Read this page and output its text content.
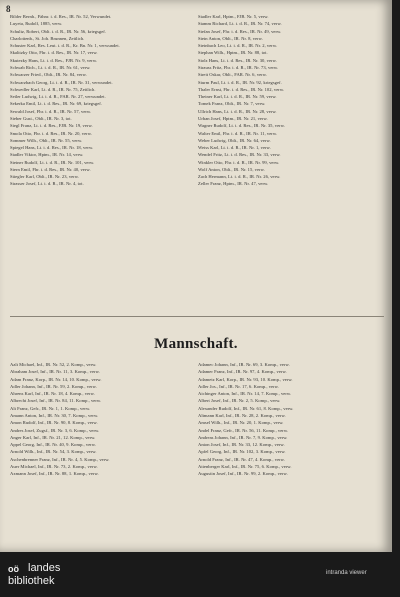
8

Bilder Bernh., Fähnr. i. d. Res., IR. Nr. 52, Verwundet.

Luyeta, Rudolf, 1885, verw.

Schultz, Robert, Oblt. i. d. R., IR. Nr. 56, kriegsgef.

Charlottenb., St. Joh. Brunnen, Zeitlich.

Schuster Karl, Res. Leut. i. d. R., Kr. Bn. Nr. 1, verwundet.

Skalitzky Otto, Fhr. i. d. Res., IR. Nr. 17, verw.

Skutezky Hans, Lt. i. d. Res., FJB. Nr. 9, verw.

Schwab Rich., Lt. i. d. R., IR. Nr. 61, verw.

Schwarzer Fried., Oblt., IR. Nr. 84, verw.

Schwarzbach Georg, Lt. i. d. R., IR. Nr. 31, verwundet.

Schwedler Karl, Lt. d. R., IR. Nr. 75, Zeitlich.

Seiler Ludwig, Lt. i. d. R., FAR. Nr. 27, verwundet.

Sekerka Emil, Lt. i. d. Res., IR. Nr. 69, kriegsgef.

Sewald Josef, Fhr. i. d. R., IR. Nr. 57, verw.

Sieber Gust., Oblt., IR. Nr. 3, tot.

Siegl Franz, Lt. i. d. Res., FJB. Nr. 19, verw.

Smola Otto, Fhr. i. d. Res., IR. Nr. 20, verw.

Sommer Wilh., Oblt., IR. Nr. 55, verw.

Spiegel Hans, Lt. i. d. Res., IR. Nr. 18, verw.

Stadler Viktor, Hptm., IR. Nr. 14, verw.

Steiner Rudolf, Lt. i. d. R., IR. Nr. 101, verw.

Stern Emil, Fhr. i. d. Res., IR. Nr. 40, verw.

Stiegler Karl, Oblt., IR. Nr. 23, verw.

Strasser Josef, Lt. i. d. R., IR. Nr. 4, tot.

Stadler Karl, Hptm., FJB. Nr. 5, verw.

Stamm Richard, Lt. i. d. R., IR. Nr. 74, verw.

Stefan Josef, Fhr. i. d. Res., IR. Nr. 49, verw.

Stein Anton, Oblt., IR. Nr. 8, verw.

Steinbach Leo, Lt. i. d. R., IR. Nr. 2, verw.

Stephan Wilh., Hptm., IR. Nr. 88, tot.

Stolz Hans, Lt. i. d. Res., IR. Nr. 30, verw.

Strauss Fritz, Fhr. i. d. R., IR. Nr. 73, verw.

Streit Oskar, Oblt., FAR. Nr. 6, verw.

Sturm Paul, Lt. i. d. R., IR. Nr. 92, kriegsgef.

Thaler Ernst, Fhr. i. d. Res., IR. Nr. 102, verw.

Theiner Karl, Lt. i. d. R., IR. Nr. 59, verw.

Tomek Franz, Oblt., IR. Nr. 7, verw.

Ullrich Hans, Lt. i. d. R., IR. Nr. 28, verw.

Urban Josef, Hptm., IR. Nr. 21, verw.

Wagner Rudolf, Lt. i. d. Res., IR. Nr. 35, verw.

Walter Emil, Fhr. i. d. R., IR. Nr. 11, verw.

Weber Ludwig, Oblt., IR. Nr. 64, verw.

Weiss Karl, Lt. i. d. R., IR. Nr. 1, verw.

Wendel Fritz, Lt. i. d. Res., IR. Nr. 33, verw.

Winkler Otto, Fhr. i. d. R., IR. Nr. 99, verw.

Wolf Anton, Oblt., IR. Nr. 15, verw.

Zach Hermann, Lt. i. d. R., IR. Nr. 26, verw.

Zeller Franz, Hptm., IR. Nr. 47, verw.

Mannschaft.

Aalt Michael, Inf., IR. Nr. 52, 2. Komp., verw.

Abraham Josef, Inf., IR. Nr. 11, 3. Komp., verw.

Adam Franz, Korp., IR. Nr. 14, 10. Komp., verw.

Adler Johann, Inf., IR. Nr. 59, 2. Komp., verw.

Ahrens Karl, Inf., IR. Nr. 18, 4. Komp., verw.

Albrecht Josef, Inf., IR. Nr. 84, 11. Komp., verw.

Alt Franz, Gefr., IR. Nr. 1, 1. Komp., verw.

Amann Anton, Inf., IR. Nr. 30, 7. Komp., verw.

Amon Rudolf, Inf., IR. Nr. 90, 8. Komp., verw.

Andres Josef, Zugsf., IR. Nr. 3, 6. Komp., verw.

Anger Karl, Inf., IR. Nr. 21, 12. Komp., verw.

Appel Georg, Inf., IR. Nr. 40, 9. Komp., verw.

Arnold Wilh., Inf., IR. Nr. 54, 3. Komp., verw.

Aschenbrenner Franz, Inf., IR. Nr. 4, 5. Komp., verw.

Auer Michael, Inf., IR. Nr. 73, 2. Komp., verw.

Axmann Josef, Inf., IR. Nr. 88, 1. Komp., verw.

Adamec Johann, Inf., IR. Nr. 69, 3. Komp., verw.

Adamer Franz, Inf., IR. Nr. 97, 4. Komp., verw.

Adametz Karl, Korp., IR. Nr. 93, 10. Komp., verw.

Adler Jos., Inf., IR. Nr. 17, 6. Komp., verw.

Aichinger Anton, Inf., IR. Nr. 14, 7. Komp., verw.

Albert Josef, Inf., IR. Nr. 2, 5. Komp., verw.

Alexander Rudolf, Inf., IR. Nr. 61, 8. Komp., verw.

Altmann Karl, Inf., IR. Nr. 28, 2. Komp., verw.

Amsel Wilh., Inf., IR. Nr. 20, 1. Komp., verw.

Andel Franz, Gefr., IR. Nr. 56, 11. Komp., verw.

Andreas Johann, Inf., IR. Nr. 7, 9. Komp., verw.

Anton Josef, Inf., IR. Nr. 33, 12. Komp., verw.

Apfel Georg, Inf., IR. Nr. 102, 3. Komp., verw.

Arnold Franz, Inf., IR. Nr. 47, 4. Komp., verw.

Attenberger Karl, Inf., IR. Nr. 75, 6. Komp., verw.

Augustin Josef, Inf., IR. Nr. 99, 2. Komp., verw.

oö landes
bibliothek
intranda viewer
